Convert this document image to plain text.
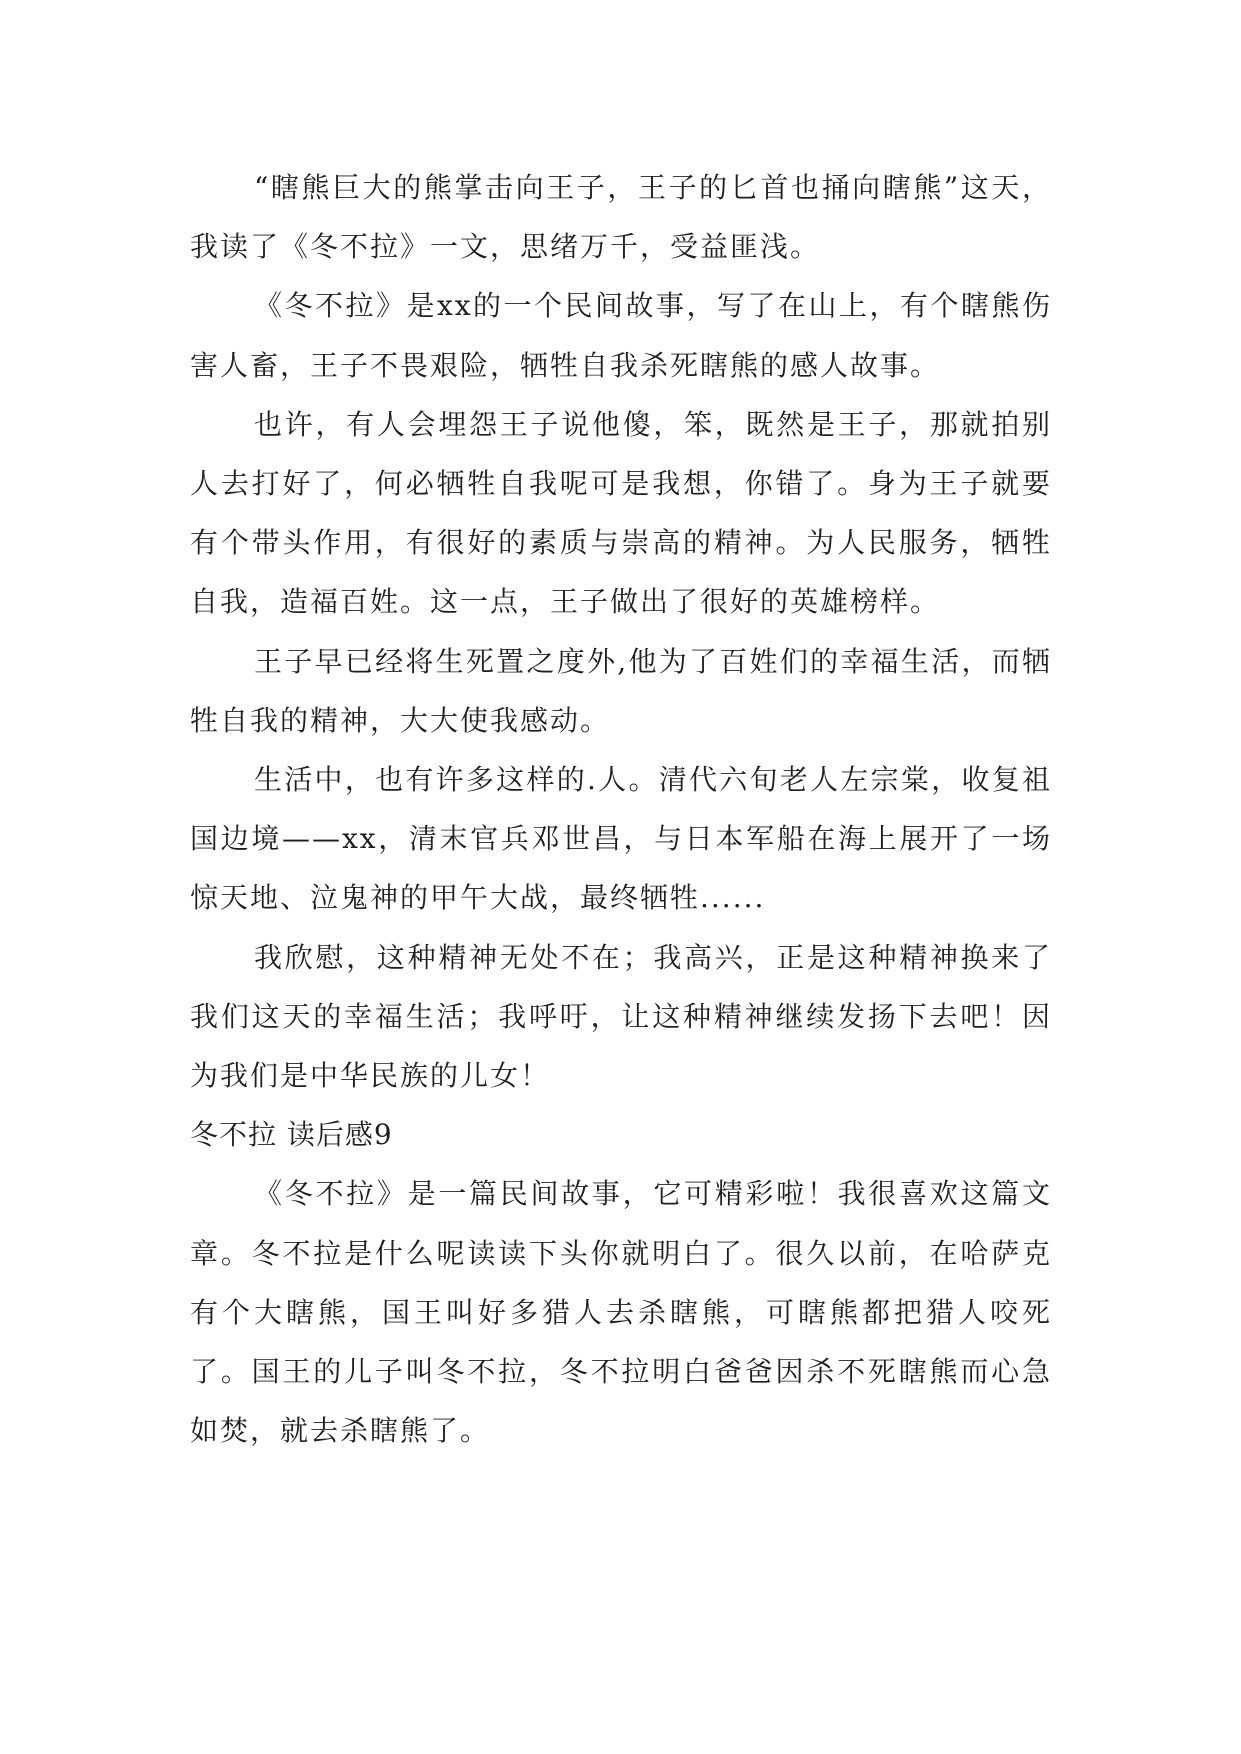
“瞎熊巨大的熊掌击向王子，王子的匕首也捅向瞎熊”这天，我读了《冬不拉》一文，思绪万千，受益匪浅。

《冬不拉》是xx的一个民间故事，写了在山上，有个瞎熊伤害人畜，王子不畏艰险，牺牲自我杀死瞎熊的感人故事。

也许，有人会埋怨王子说他傻，笨，既然是王子，那就拍别人去打好了，何必牺牲自我呢可是我想，你错了。身为王子就要有个带头作用，有很好的素质与崇高的精神。为人民服务，牺牲自我，造福百姓。这一点，王子做出了很好的英雄榜样。

王子早已经将生死置之度外,他为了百姓们的幸福生活，而牺牲自我的精神，大大使我感动。

生活中，也有许多这样的.人。清代六旬老人左宗棠，收复祖国边境——xx，清末官兵邓世昌，与日本军船在海上展开了一场惊天地、泣鬼神的甲午大战，最终牺牲......

我欣慰，这种精神无处不在；我高兴，正是这种精神换来了我们这天的幸福生活；我呼吁，让这种精神继续发扬下去吧！因为我们是中华民族的儿女！

冬不拉 读后感9

《冬不拉》是一篇民间故事，它可精彩啦！我很喜欢这篇文章。冬不拉是什么呢读读下头你就明白了。很久以前，在哈萨克有个大瞎熊，国王叫好多猎人去杀瞎熊，可瞎熊都把猎人咬死了。国王的儿子叫冬不拉，冬不拉明白爸爸因杀不死瞎熊而心急如焚，就去杀瞎熊了。
